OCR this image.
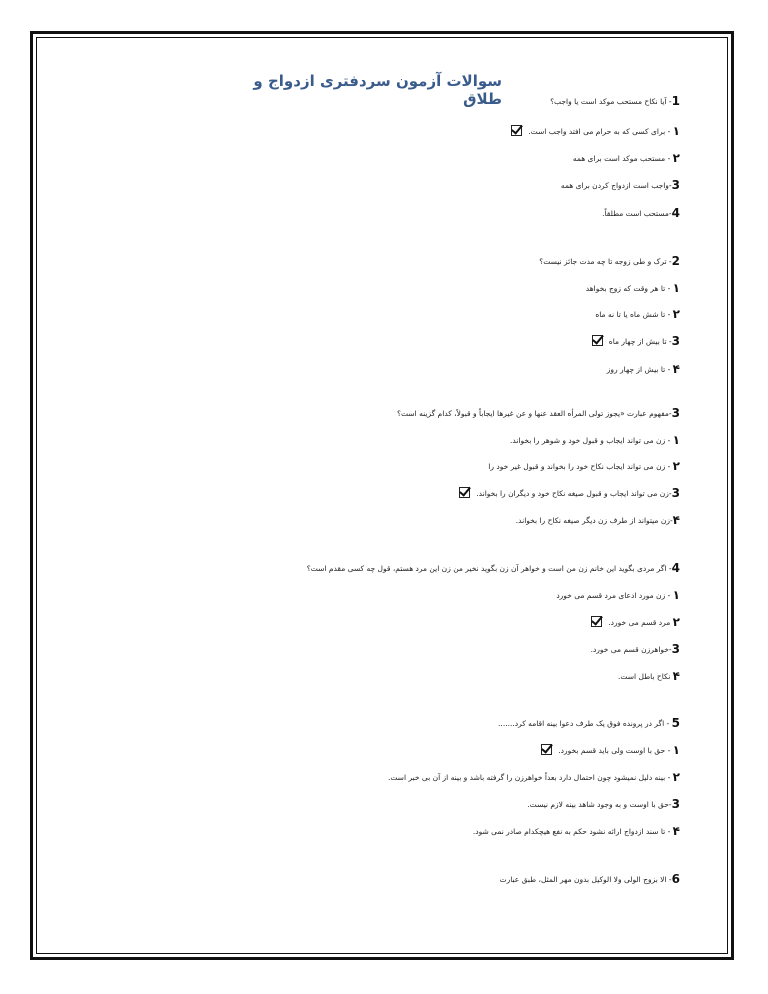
سوالات آزمون سردفتری ازدواج و طلاق	1- آیا نکاح مستحب موکد است یا واجب؟
۱ - برای کسی که به حرام می افتد واجب است.
۲ - مستحب موکد است برای همه
3-واجب است ازدواج کردن برای همه
4-مستحب است مطلقاً.
2- ترک و طی زوجه تا چه مدت جائز نیست؟
۱ - تا هر وقت که زوج بخواهد
۲ - تا شش ماه یا تا نه ماه
3- تا بیش از چهار ماه
۴ - تا بیش از چهار روز
3-مفهوم عبارت «یجوز تولی المرأه العقد عنها و عن غیرها ایجاباً و قبولاً، کدام گزینه است؟
۱ - زن می تواند ایجاب و قبول خود و شوهر را بخواند.
۲ - زن می تواند ایجاب نکاح خود را بخواند و قبول غیر خود را
3-زن می تواند ایجاب و قبول صیغه نکاح خود و دیگران را بخواند.
۴-زن میتواند از طرف زن دیگر صیغه نکاح را بخواند.
4- اگر مردی بگوید این خانم زن من است و خواهر آن زن بگوید نخیر من زن این مرد هستم، قول چه کسی مقدم است؟
۱ - زن مورد ادعای مرد قسم می خورد
۲ مرد قسم می خورد.
3-خواهرزن قسم می خورد.
۴ نکاح باطل است.
5 - اگر در پرونده فوق یک طرف دعوا بینه اقامه کرد.......
۱ - حق با اوست ولی باید قسم بخورد.
۲ - بینه دلیل نمیشود چون احتمال دارد بعداً خواهرزن را گرفته باشد و بینه از آن بی خبر است.
3-حق با اوست و به وجود شاهد بینه لازم نیست.
۴ - تا سند ازدواج ارائه نشود حکم به نفع هیچکدام صادر نمی شود.
6- الا بزوج الولی ولا الوکیل بدون مهر المثل، طبق عبارت
